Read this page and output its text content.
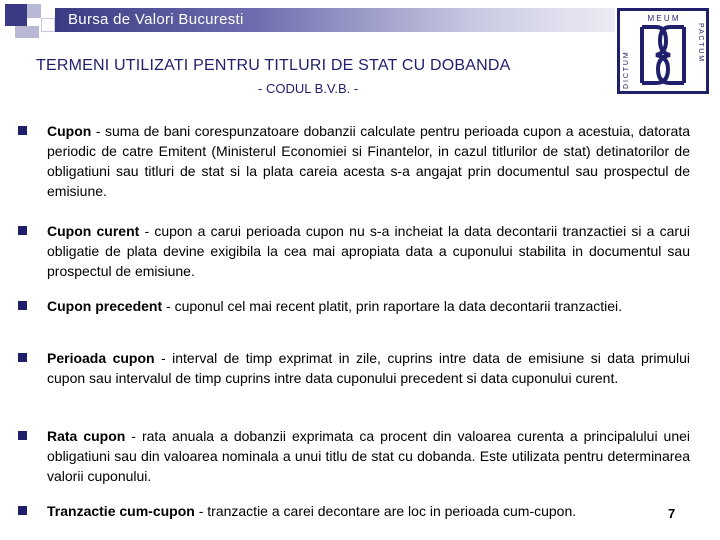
Bursa de Valori Bucuresti
TERMENI UTILIZATI PENTRU TITLURI DE STAT CU DOBANDA
- CODUL B.V.B. -
M E U M
D I C T U M
P A C T U M
Cupon - suma de bani corespunzatoare dobanzii calculate pentru perioada cupon a acestuia, datorata periodic de catre Emitent (Ministerul Economiei si Finantelor, in cazul titlurilor de stat) detinatorilor de obligatiuni sau titluri de stat si la plata careia acesta s-a angajat prin documentul sau prospectul de emisiune.
Cupon curent - cupon a carui perioada cupon nu s-a incheiat la data decontarii tranzactiei si a carui obligatie de plata devine exigibila la cea mai apropiata data a cuponului stabilita in documentul sau prospectul de emisiune.
Cupon precedent - cuponul cel mai recent platit, prin raportare la data decontarii tranzactiei.
Perioada cupon - interval de timp exprimat in zile, cuprins intre data de emisiune si data primului cupon sau intervalul de timp cuprins intre data cuponului precedent si data cuponului curent.
Rata cupon - rata anuala a dobanzii exprimata ca procent din valoarea curenta a principalului unei obligatiuni sau din valoarea nominala a unui titlu de stat cu dobanda. Este utilizata pentru determinarea valorii cuponului.
Tranzactie cum-cupon - tranzactie a carei decontare are loc in perioada cum-cupon.	7
